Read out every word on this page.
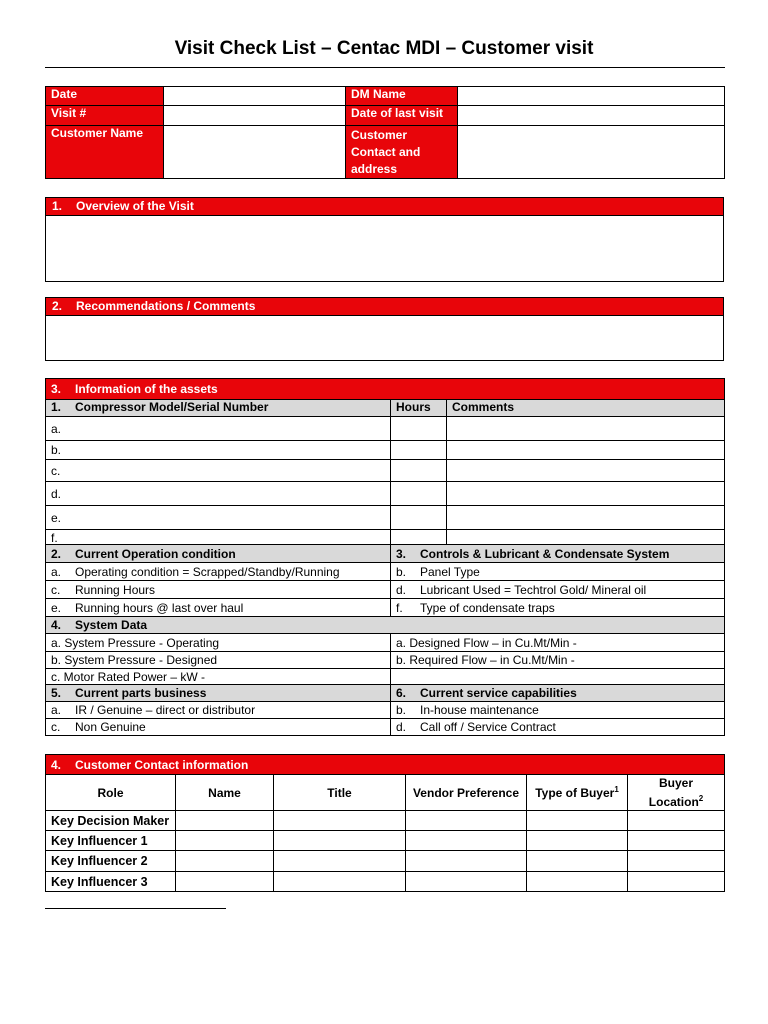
Visit Check List – Centac MDI – Customer visit
Date		DM Name	
Visit #		Date of last visit	
Customer Name		Customer Contact and address	
1. Overview of the Visit
2. Recommendations / Comments
3. Information of the assets		
1. Compressor Model/Serial Number	Hours	Comments
a.		
b.		
c.		
d.		
e.		
f.		
2. Current Operation condition	3. Controls & Lubricant & Condensate System
a. Operating condition = Scrapped/Standby/Running	b. Panel Type
c. Running Hours	d. Lubricant Used = Techtrol Gold/ Mineral oil
e. Running hours @ last over haul	f. Type of condensate traps
4. System Data	
a. System Pressure - Operating	a. Designed Flow – in Cu.Mt/Min -
b. System Pressure - Designed	b. Required Flow – in Cu.Mt/Min -
c. Motor Rated Power – kW -	
5. Current parts business	6. Current service capabilities
a. IR / Genuine – direct or distributor	b. In-house maintenance
c. Non Genuine	d. Call off / Service Contract
4. Customer Contact information					
Role	Name	Title	Vendor Preference	Type of Buyer$^1$	Buyer Location$^2$
Key Decision Maker					
Key Influencer 1					
Key Influencer 2					
Key Influencer 3					
